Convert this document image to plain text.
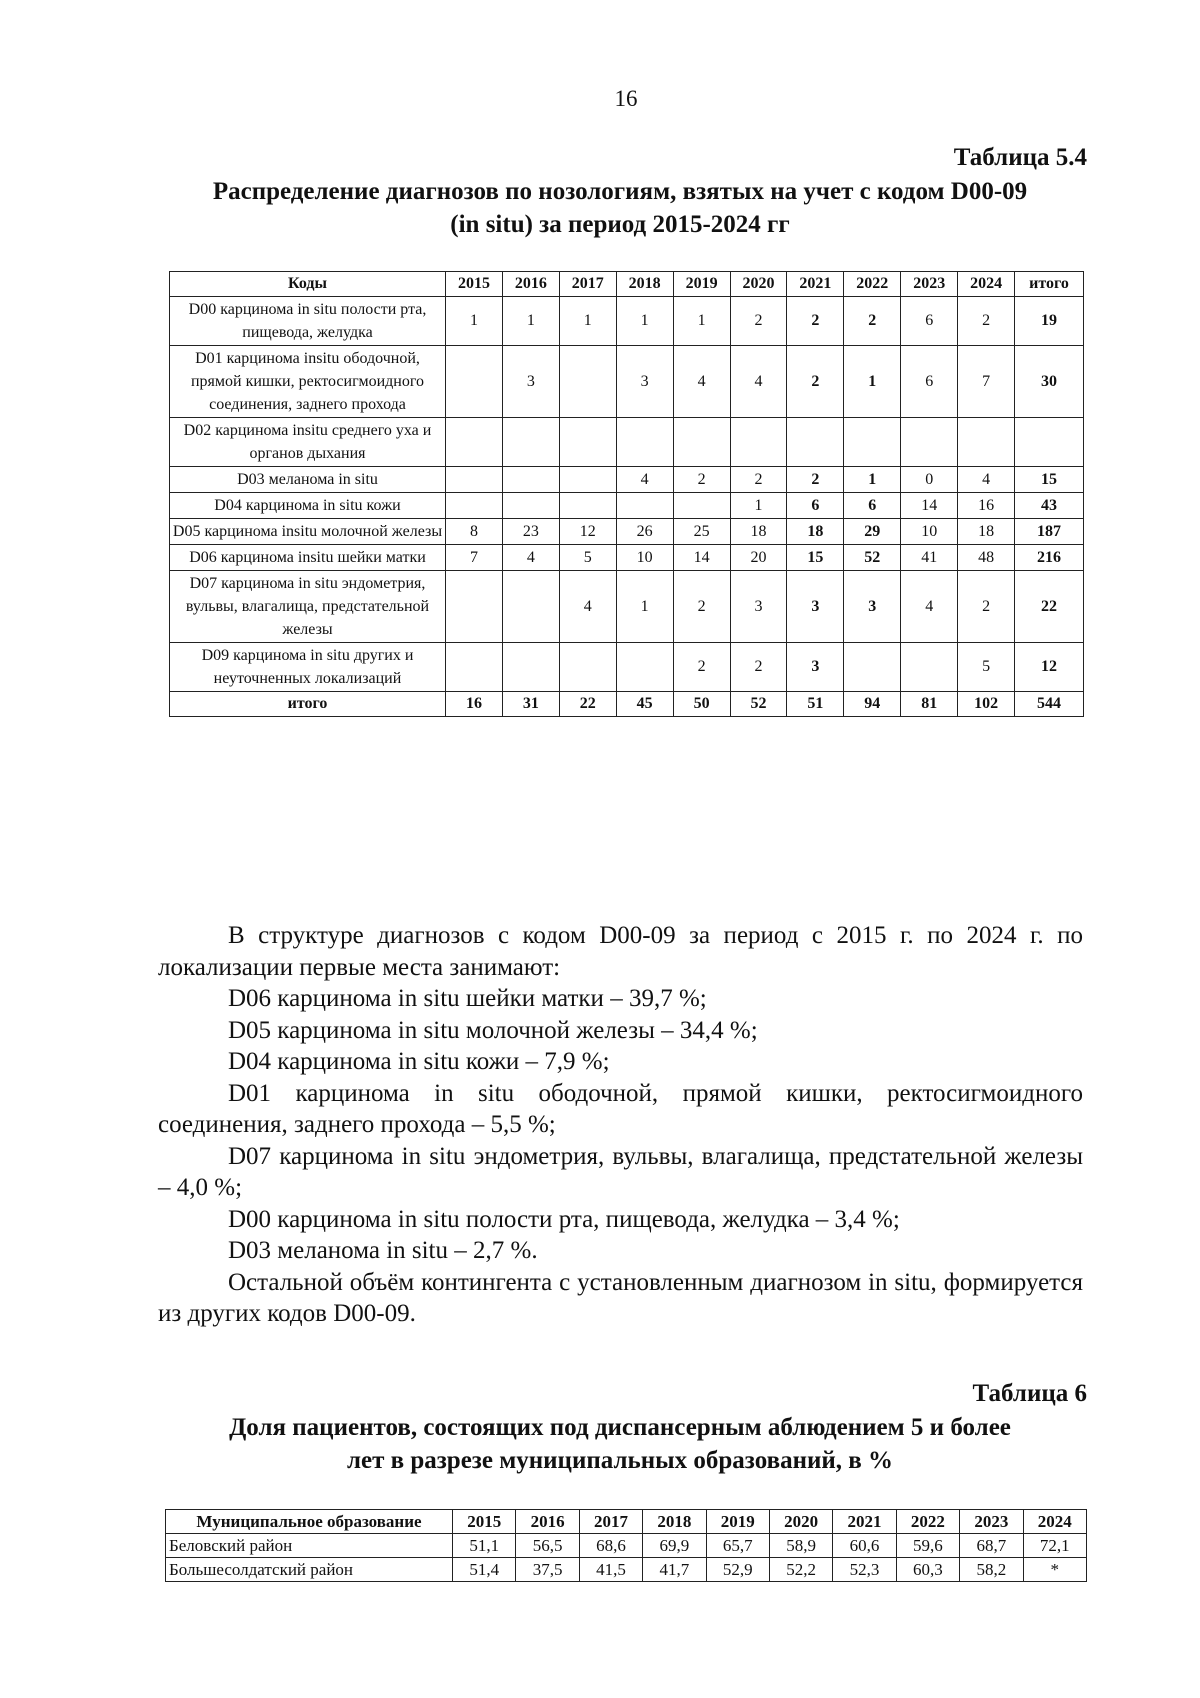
16
Таблица 5.4
Распределение диагнозов по нозологиям, взятых на учет с кодом D00-09
(in situ) за период 2015-2024 гг
Коды	2015	2016	2017	2018	2019	2020	2021	2022	2023	2024	итого
D00 карцинома in situ полости рта, пищевода, желудка	1	1	1	1	1	2	2	2	6	2	19
D01 карцинома insitu ободочной, прямой кишки, ректосигмоидного соединения, заднего прохода		3		3	4	4	2	1	6	7	30
D02 карцинома insitu среднего уха и органов дыхания											
D03 меланома in situ				4	2	2	2	1	0	4	15
D04 карцинома in situ кожи						1	6	6	14	16	43
D05 карцинома insitu молочной железы	8	23	12	26	25	18	18	29	10	18	187
D06 карцинома insitu шейки матки	7	4	5	10	14	20	15	52	41	48	216
D07 карцинома in situ эндометрия, вульвы, влагалища, предстательной железы			4	1	2	3	3	3	4	2	22
D09 карцинома in situ других и неуточненных локализаций					2	2	3			5	12
итого	16	31	22	45	50	52	51	94	81	102	544

В структуре диагнозов с кодом D00-09 за период с 2015 г. по 2024 г. по локализации первые места занимают:

D06 карцинома in situ шейки матки – 39,7 %;

D05 карцинома in situ молочной железы – 34,4 %;

D04 карцинома in situ кожи – 7,9 %;

D01 карцинома in situ ободочной, прямой кишки, ректосигмоидного соединения, заднего прохода – 5,5 %;

D07 карцинома in situ эндометрия, вульвы, влагалища, предстательной железы – 4,0 %;

D00 карцинома in situ полости рта, пищевода, желудка – 3,4 %;

D03 меланома in situ – 2,7 %.

Остальной объём контингента с установленным диагнозом in situ, формируется из других кодов D00-09.

Таблица 6
Доля пациентов, состоящих под диспансерным аблюдением 5 и более
лет в разрезе муниципальных образований, в %
Муниципальное образование	2015	2016	2017	2018	2019	2020	2021	2022	2023	2024
Беловский район	51,1	56,5	68,6	69,9	65,7	58,9	60,6	59,6	68,7	72,1
Большесолдатский район	51,4	37,5	41,5	41,7	52,9	52,2	52,3	60,3	58,2	*
